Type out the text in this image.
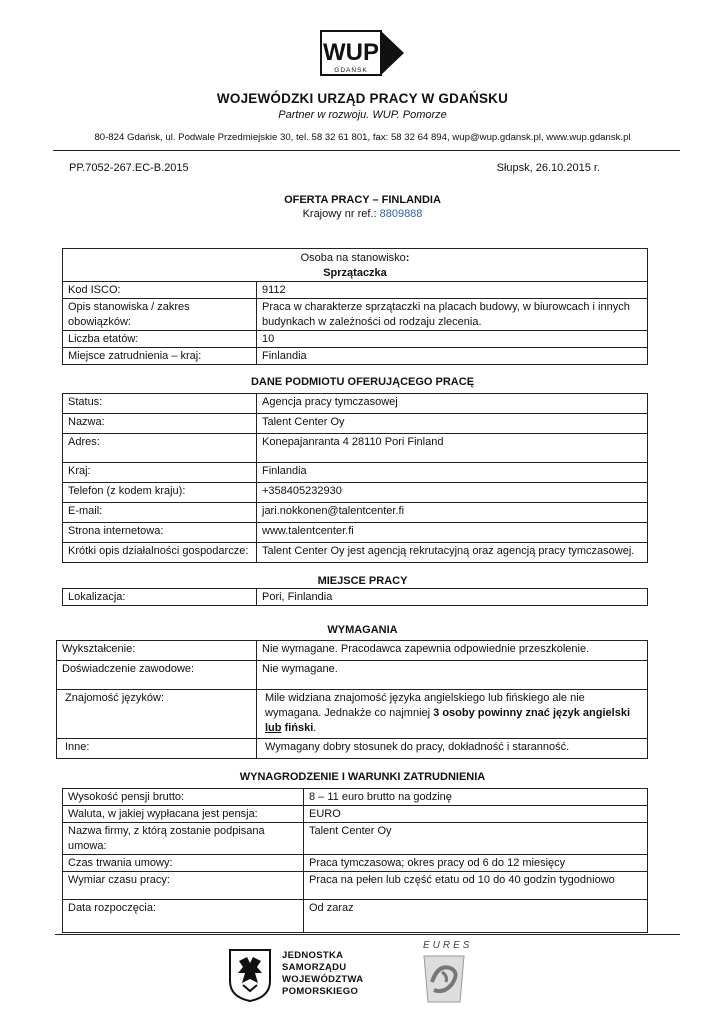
WUP
GDAŃSK
WOJEWÓDZKI URZĄD PRACY W GDAŃSKU
Partner w rozwoju. WUP. Pomorze
80-824 Gdańsk, ul. Podwale Przedmiejskie 30, tel. 58 32 61 801, fax: 58 32 64 894, wup@wup.gdansk.pl, www.wup.gdansk.pl
PP.7052-267.EC-B.2015	Słupsk, 26.10.2015 r.
OFERTA PRACY – FINLANDIA
Krajowy nr ref.: 8809888
Osoba na stanowisko:
Sprzątaczka	

Kod ISCO:	9112
Opis stanowiska / zakres obowiązków:	Praca w charakterze sprzątaczki na placach budowy, w biurowcach i innych budynkach w zależności od rodzaju zlecenia.
Liczba etatów:	10
Miejsce zatrudnienia – kraj:	Finlandia
DANE PODMIOTU OFERUJĄCEGO PRACĘ
Status:	Agencja pracy tymczasowej
Nazwa:	Talent Center Oy
Adres:	Konepajanranta 4 28110 Pori Finland
Kraj:	Finlandia
Telefon (z kodem kraju):	+358405232930
E-mail:	jari.nokkonen@talentcenter.fi
Strona internetowa:	www.talentcenter.fi
Krótki opis działalności gospodarcze:	Talent Center Oy jest agencją rekrutacyjną oraz agencją pracy tymczasowej.
MIEJSCE PRACY
Lokalizacja:	Pori, Finlandia
WYMAGANIA
Wykształcenie:	Nie wymagane. Pracodawca zapewnia odpowiednie przeszkolenie.
Doświadczenie zawodowe:	Nie wymagane.
Znajomość języków:	Mile widziana znajomość języka angielskiego lub fińskiego ale nie wymagana. Jednakże co najmniej 3 osoby powinny znać język angielski lub fiński.
Inne:	Wymagany dobry stosunek do pracy, dokładność i staranność.
WYNAGRODZENIE I WARUNKI ZATRUDNIENIA
Wysokość pensji brutto:	8 – 11 euro brutto na godzinę
Waluta, w jakiej wypłacana jest pensja:	EURO
Nazwa firmy, z którą zostanie podpisana umowa:	Talent Center Oy
Czas trwania umowy:	Praca tymczasowa; okres pracy od 6 do 12 miesięcy
Wymiar czasu pracy:	Praca na pełen lub część etatu od 10 do 40 godzin tygodniowo
Data rozpoczęcia:	Od zaraz
JEDNOSTKA
SAMORZĄDU
WOJEWÓDZTWA
POMORSKIEGO
EURES
